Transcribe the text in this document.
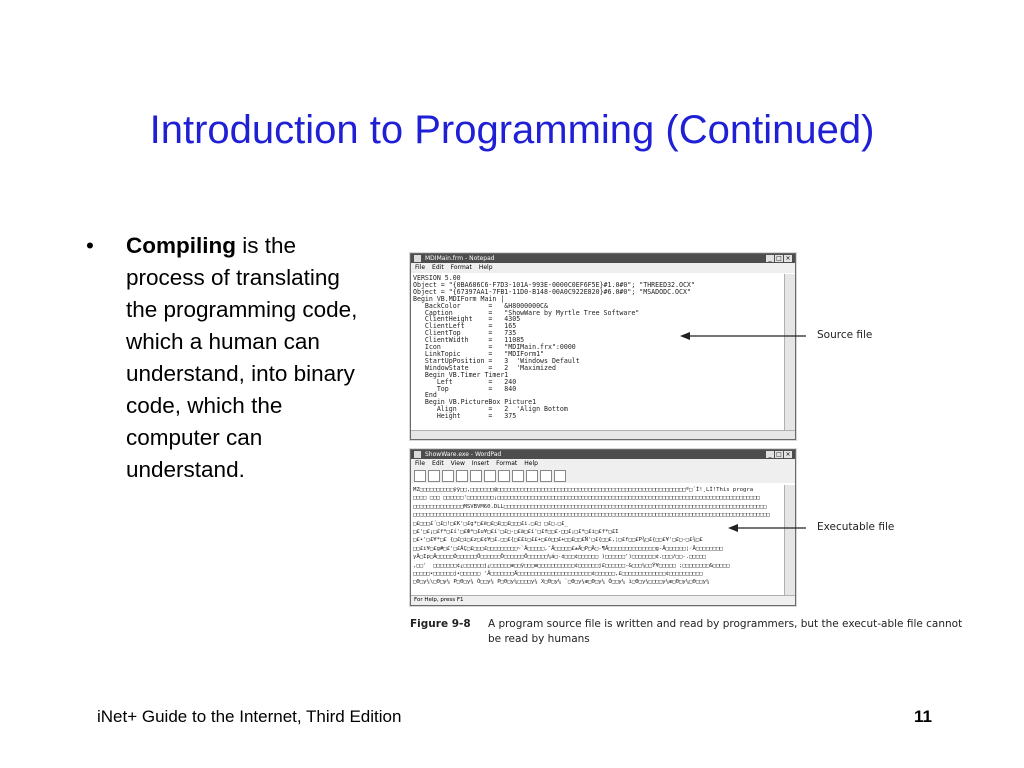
Introduction to Programming (Continued)
• Compiling is the process of translating the programming code, which a human can understand, into binary code, which the computer can understand.
MDIMain.frm - Notepad	_ □ ×
File Edit Format Help
VERSION 5.00
Object = "{0BA686C6-F7D3-101A-993E-0000C0EF6F5E}#1.0#0"; "THREED32.OCX"
Object = "{67397AA1-7FB1-11D0-B148-00A0C922E820}#6.0#0"; "MSADODC.OCX"
Begin VB.MDIForm Main |
BackColor       =   &H8000000C&
Caption         =   "ShowWare by Myrtle Tree Software"
ClientHeight    =   4305
ClientLeft      =   165
ClientTop       =   735
ClientWidth     =   11085
Icon            =   "MDIMain.frx":0000
LinkTopic       =   "MDIForm1"
StartUpPosition =   3  'Windows Default
WindowState     =   2  'Maximized
Begin VB.Timer Timer1
Left         =   240
Top          =   840
End
Begin VB.PictureBox Picture1
Align        =   2  'Align Bottom
Height       =   375
ShowWare.exe - WordPad	_ □ ×
File Edit View Insert Format Help
MZ□□□□□□□□□□ÿÿ□□,□□□□□□□@□□□□□□□□□□□□□□□□□□□□□□□□□□□□□□□□□□□□□□□□□□□□□□□□□□□□□□□□º□´Í!¸LÍ!This progra
□□□□ □□□ □□□□□□'□□□□□□□□¡□□□□□□□□□□□□□□□□□□□□□□□□□□□□□□□□□□□□□□□□□□□□□□□□□□□□□□□□□□□□□□□□□□□□□□□□□□□□□□
□□□□□□□□□□□□□□□MSVBVM60.DLL□□□□□□□□□□□□□□□□□□□□□□□□□□□□□□□□□□□□□□□□□□□□□□□□□□□□□□□□□□□□□□□□□□□□□□□□□□□□□□
□□□□□□□□□□□□□□□□□□□□□□□□□□□□□□□□□□□□□□□□□□□□□□□□□□□□□□□□□□□□□□□□□□□□□□□□□□□□□□□□□□□□□□□□□□□□□□□□□□□□□□□□□□
□£□□□£´□£□!□£K'□£g*□£ë□£□£□□£□□□£i.□£□ □£□.□£_
□£'□£¡□£f*□£í'□£Ф*□£u¥□£í'□£□-□£ä□£í'□£f□□£-□□£¡□£*□£i□£f*□£I
□£•'□£¥*□£ {□£□i□£z□£¢¥□£.□□£{□££i□££+□£ó□□£+□□£□□£Ñ'□£{□□£,¦□£f□□£P¾□£{□□£¥'□£□-□£¾□£
□□£i¥□£g#□£'□£ÃÇ□£□□□£□□□□□□□□□~`Ä□□□□□,¯Ä□□□□□£±Ä□P□Ä□-¶Ä□□□□□□□□□□□□□□g-Ä□□□□□□¦·Ä□□□□□□□□
yÄ□Ip□Ä□□□□□Ó□□□□□□Ö□□□□□□Ö□□□□□□Ö□□□□□□¼á□-¢□□□¢□□□□□□ )□□□□□□')□□□□□□□¢.□□□/□□-.□□□□□
,□□'  □□□□□□□¢¿□□□□□□j¿□□□□□□æ□□ÿ□□□æ□□□□□□□□□□□¢□□□□□□j£□□□□□□-&□□□¼□□Ý¥□□□□□ ;□□□□□□□□&□□□□□
□□□□□•□□□□□□j•□□□□□□ 'Ä□□□□□□□Ä□□□□□□□□□□□□□□□□□□□□□□¢□□□□□□,£□□□□□□□□□□□□□¢□□□□□□□□□□
□0□y¼\□0□y¼ P□0□y¼ Ó□□y¼ P□0□y¼□□□□y¼ X□0□y¼ `□0□y¼æ□0□y¼ Ó□□y¼ ì□0□y¼□□□□y¼æ□0□y¼□0□□y¼
For Help, press F1
Source file
Executable file
Figure 9-8 A program source file is written and read by programmers, but the execut-able file cannot be read by humans
iNet+ Guide to the Internet, Third Edition	11
